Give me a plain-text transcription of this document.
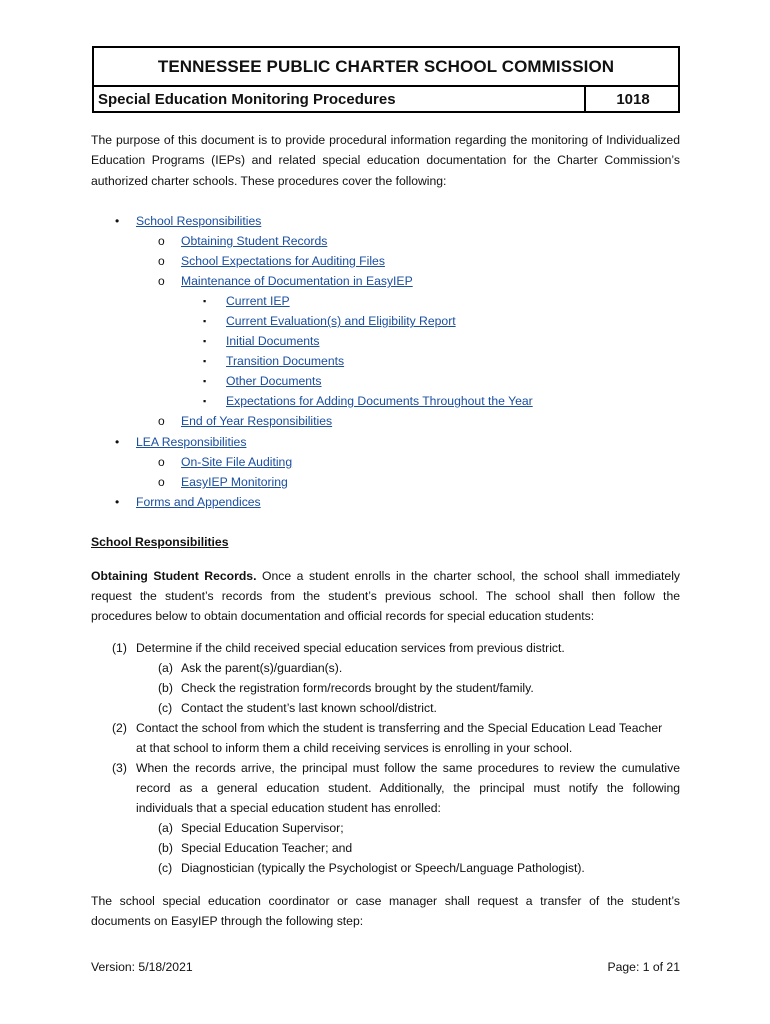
TENNESSEE PUBLIC CHARTER SCHOOL COMMISSION
Special Education Monitoring Procedures	1018
The purpose of this document is to provide procedural information regarding the monitoring of Individualized Education Programs (IEPs) and related special education documentation for the Charter Commission’s authorized charter schools. These procedures cover the following:
• School Responsibilities
o Obtaining Student Records
o School Expectations for Auditing Files
o Maintenance of Documentation in EasyIEP
▪ Current IEP
▪ Current Evaluation(s) and Eligibility Report
▪ Initial Documents
▪ Transition Documents
▪ Other Documents
▪ Expectations for Adding Documents Throughout the Year
o End of Year Responsibilities
• LEA Responsibilities
o On-Site File Auditing
o EasyIEP Monitoring
• Forms and Appendices
School Responsibilities
Obtaining Student Records. Once a student enrolls in the charter school, the school shall immediately
request the student’s records from the student’s previous school. The school shall then follow the
procedures below to obtain documentation and official records for special education students:
(1) Determine if the child received special education services from previous district.
(a) Ask the parent(s)/guardian(s).
(b) Check the registration form/records brought by the student/family.
(c) Contact the student’s last known school/district.
(2) Contact the school from which the student is transferring and the Special Education Lead Teacher
at that school to inform them a child receiving services is enrolling in your school.
(3) When the records arrive, the principal must follow the same procedures to review the cumulative
record as a general education student. Additionally, the principal must notify the following
individuals that a special education student has enrolled:
(a) Special Education Supervisor;
(b) Special Education Teacher; and
(c) Diagnostician (typically the Psychologist or Speech/Language Pathologist).
The school special education coordinator or case manager shall request a transfer of the student’s
documents on EasyIEP through the following step:
Version: 5/18/2021	Page: 1 of 21
